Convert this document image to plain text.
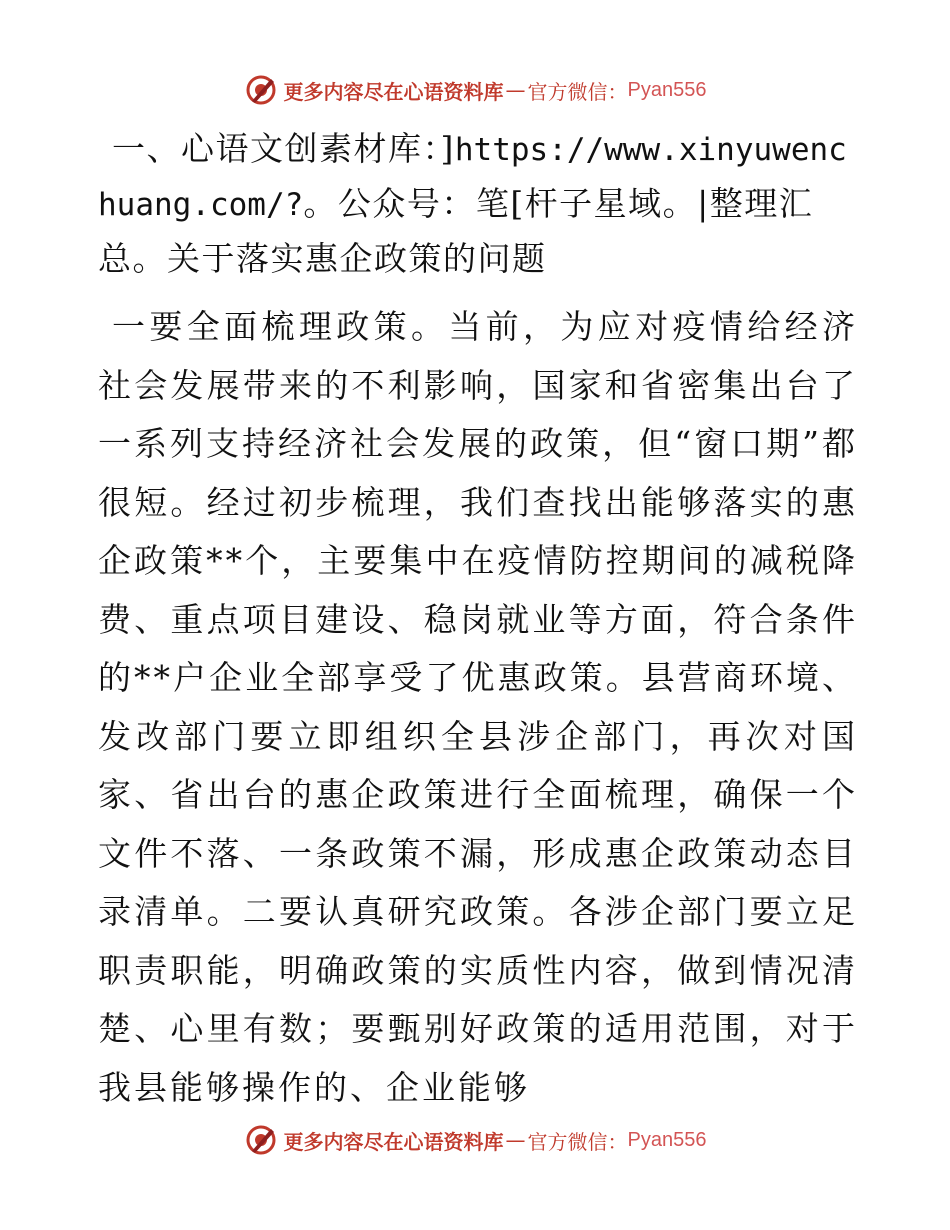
更多内容尽在心语资料库 — 官方微信： Pyan556

一、心语文创素材库：]https://www.xinyuwenchuang.com/?。公众号：笔[杆子星域。|整理汇总。关于落实惠企政策的问题

一要全面梳理政策。当前，为应对疫情给经济社会发展带来的不利影响，国家和省密集出台了一系列支持经济社会发展的政策，但“窗口期”都很短。经过初步梳理，我们查找出能够落实的惠企政策**个，主要集中在疫情防控期间的减税降费、重点项目建设、稳岗就业等方面，符合条件的**户企业全部享受了优惠政策。县营商环境、发改部门要立即组织全县涉企部门，再次对国家、省出台的惠企政策进行全面梳理，确保一个文件不落、一条政策不漏，形成惠企政策动态目录清单。二要认真研究政策。各涉企部门要立足职责职能，明确政策的实质性内容，做到情况清楚、心里有数；要甄别好政策的适用范围，对于我县能够操作的、企业能够

更多内容尽在心语资料库 — 官方微信： Pyan556
